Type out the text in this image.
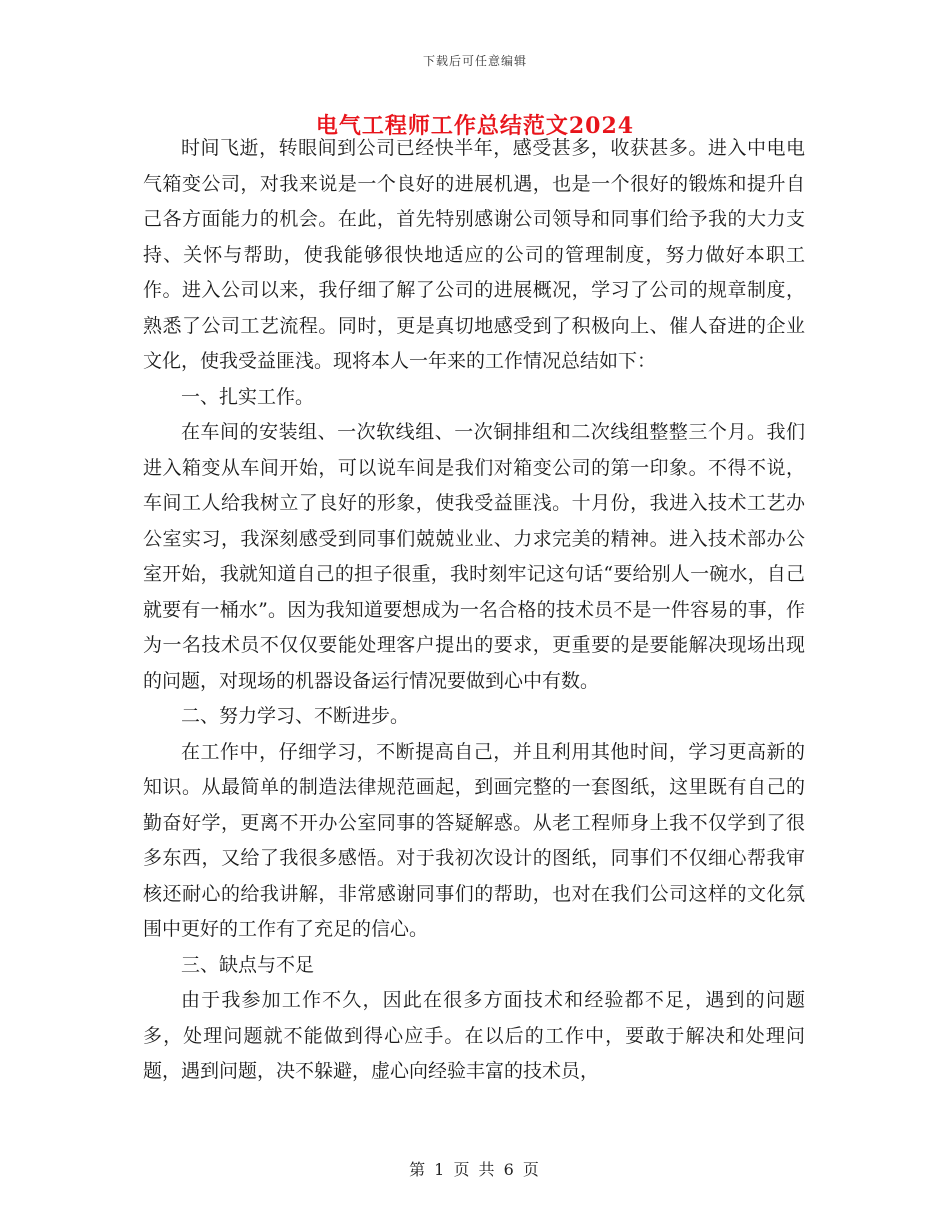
下载后可任意编辑
电气工程师工作总结范文2024

时间飞逝，转眼间到公司已经快半年，感受甚多，收获甚多。进入中电电气箱变公司，对我来说是一个良好的进展机遇，也是一个很好的锻炼和提升自己各方面能力的机会。在此，首先特别感谢公司领导和同事们给予我的大力支持、关怀与帮助，使我能够很快地适应的公司的管理制度，努力做好本职工作。进入公司以来，我仔细了解了公司的进展概况，学习了公司的规章制度，熟悉了公司工艺流程。同时，更是真切地感受到了积极向上、催人奋进的企业文化，使我受益匪浅。现将本人一年来的工作情况总结如下：

一、扎实工作。

在车间的安装组、一次软线组、一次铜排组和二次线组整整三个月。我们进入箱变从车间开始，可以说车间是我们对箱变公司的第一印象。不得不说，车间工人给我树立了良好的形象，使我受益匪浅。十月份，我进入技术工艺办公室实习，我深刻感受到同事们兢兢业业、力求完美的精神。进入技术部办公室开始，我就知道自己的担子很重，我时刻牢记这句话“要给别人一碗水，自己就要有一桶水”。因为我知道要想成为一名合格的技术员不是一件容易的事，作为一名技术员不仅仅要能处理客户提出的要求，更重要的是要能解决现场出现的问题，对现场的机器设备运行情况要做到心中有数。

二、努力学习、不断进步。

在工作中，仔细学习，不断提高自己，并且利用其他时间，学习更高新的知识。从最简单的制造法律规范画起，到画完整的一套图纸，这里既有自己的勤奋好学，更离不开办公室同事的答疑解惑。从老工程师身上我不仅学到了很多东西，又给了我很多感悟。对于我初次设计的图纸，同事们不仅细心帮我审核还耐心的给我讲解，非常感谢同事们的帮助，也对在我们公司这样的文化氛围中更好的工作有了充足的信心。

三、缺点与不足

由于我参加工作不久，因此在很多方面技术和经验都不足，遇到的问题多，处理问题就不能做到得心应手。在以后的工作中，要敢于解决和处理问题，遇到问题，决不躲避，虚心向经验丰富的技术员，

第 1 页 共 6 页
